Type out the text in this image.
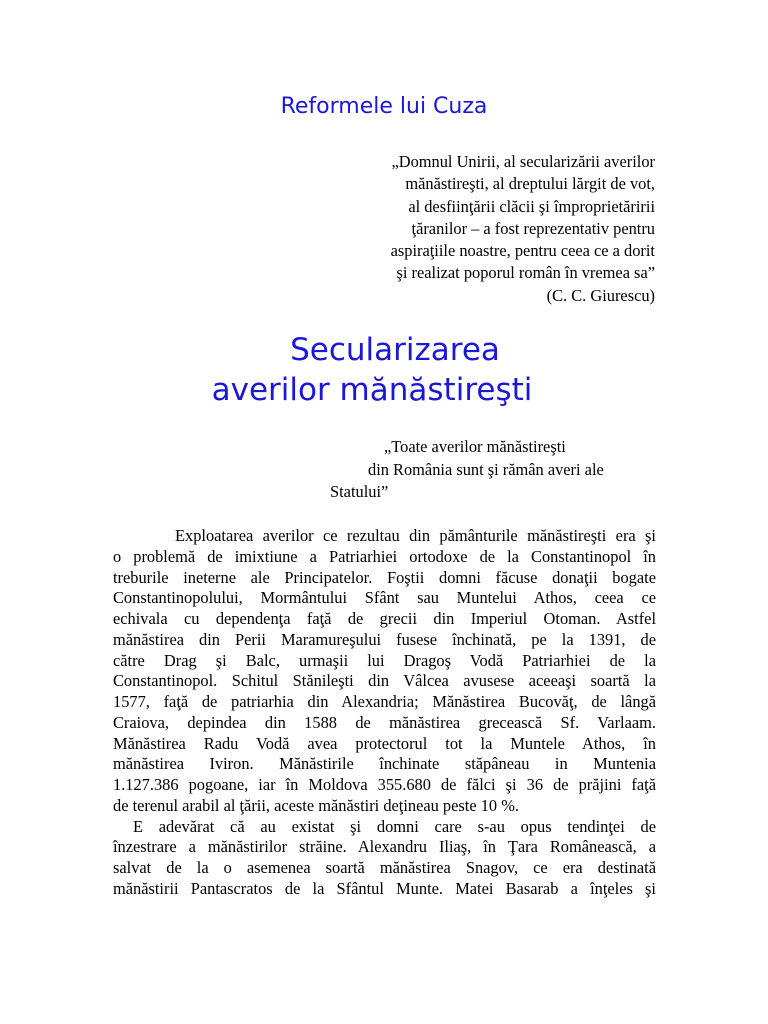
Reformele lui Cuza
„Domnul Unirii, al secularizării averilor
mănăstireşti, al dreptului lărgit de vot,
al desfiinţării clăcii şi împroprietăririi
ţăranilor – a fost reprezentativ pentru
aspiraţiile noastre, pentru ceea ce a dorit
şi realizat poporul român în vremea sa”
(C. C. Giurescu)
Secularizarea
averilor mănăstireşti
„Toate averilor mănăstireşti
din România sunt şi rămân averi ale
Statului”
Exploatarea averilor ce rezultau din pământurile mănăstireşti era şi
o problemă de imixtiune a Patriarhiei ortodoxe de la Constantinopol în
treburile ineterne ale Principatelor. Foştii domni făcuse donaţii bogate
Constantinopolului, Mormântului Sfânt sau Muntelui Athos, ceea ce
echivala cu dependenţa faţă de grecii din Imperiul Otoman. Astfel
mănăstirea din Perii Maramureşului fusese închinată, pe la 1391, de
către Drag şi Balc, urmaşii lui Dragoş Vodă Patriarhiei de la
Constantinopol. Schitul Stănileşti din Vâlcea avusese aceeaşi soartă la
1577, faţă de patriarhia din Alexandria; Mănăstirea Bucovăţ, de lângă
Craiova, depindea din 1588 de mănăstirea grecească Sf. Varlaam.
Mănăstirea Radu Vodă avea protectorul tot la Muntele Athos, în
mănăstirea Iviron. Mănăstirile închinate stăpâneau in Muntenia
1.127.386 pogoane, iar în Moldova 355.680 de fălci şi 36 de prăjini faţă
de terenul arabil al ţării, aceste mănăstiri deţineau peste 10 %.
E adevărat că au existat şi domni care s-au opus tendinţei de
înzestrare a mănăstirilor străine. Alexandru Iliaş, în Ţara Românească, a
salvat de la o asemenea soartă mănăstirea Snagov, ce era destinată
mănăstirii Pantascratos de la Sfântul Munte. Matei Basarab a înţeles şi
